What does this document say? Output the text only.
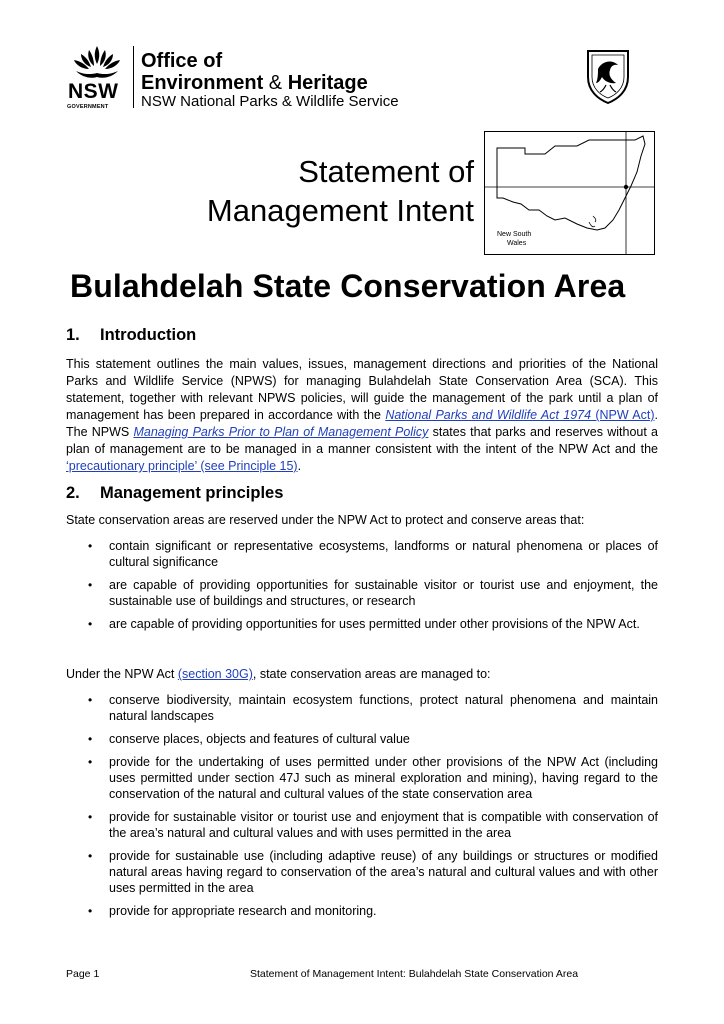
NSW
GOVERNMENT
Office of
Environment & Heritage
NSW National Parks & Wildlife Service
Statement of
Management Intent
New South
Wales
Bulahdelah State Conservation Area
1. Introduction
This statement outlines the main values, issues, management directions and priorities of the National Parks and Wildlife Service (NPWS) for managing Bulahdelah State Conservation Area (SCA). This statement, together with relevant NPWS policies, will guide the management of the park until a plan of management has been prepared in accordance with the National Parks and Wildlife Act 1974 (NPW Act). The NPWS Managing Parks Prior to Plan of Management Policy states that parks and reserves without a plan of management are to be managed in a manner consistent with the intent of the NPW Act and the ‘precautionary principle’ (see Principle 15).
2. Management principles
State conservation areas are reserved under the NPW Act to protect and conserve areas that:
• contain significant or representative ecosystems, landforms or natural phenomena or places of cultural significance
• are capable of providing opportunities for sustainable visitor or tourist use and enjoyment, the sustainable use of buildings and structures, or research
• are capable of providing opportunities for uses permitted under other provisions of the NPW Act.
Under the NPW Act (section 30G), state conservation areas are managed to:
• conserve biodiversity, maintain ecosystem functions, protect natural phenomena and maintain natural landscapes
• conserve places, objects and features of cultural value
• provide for the undertaking of uses permitted under other provisions of the NPW Act (including uses permitted under section 47J such as mineral exploration and mining), having regard to the conservation of the natural and cultural values of the state conservation area
• provide for sustainable visitor or tourist use and enjoyment that is compatible with conservation of the area’s natural and cultural values and with uses permitted in the area
• provide for sustainable use (including adaptive reuse) of any buildings or structures or modified natural areas having regard to conservation of the area’s natural and cultural values and with other uses permitted in the area
• provide for appropriate research and monitoring.
Page 1	Statement of Management Intent: Bulahdelah State Conservation Area
